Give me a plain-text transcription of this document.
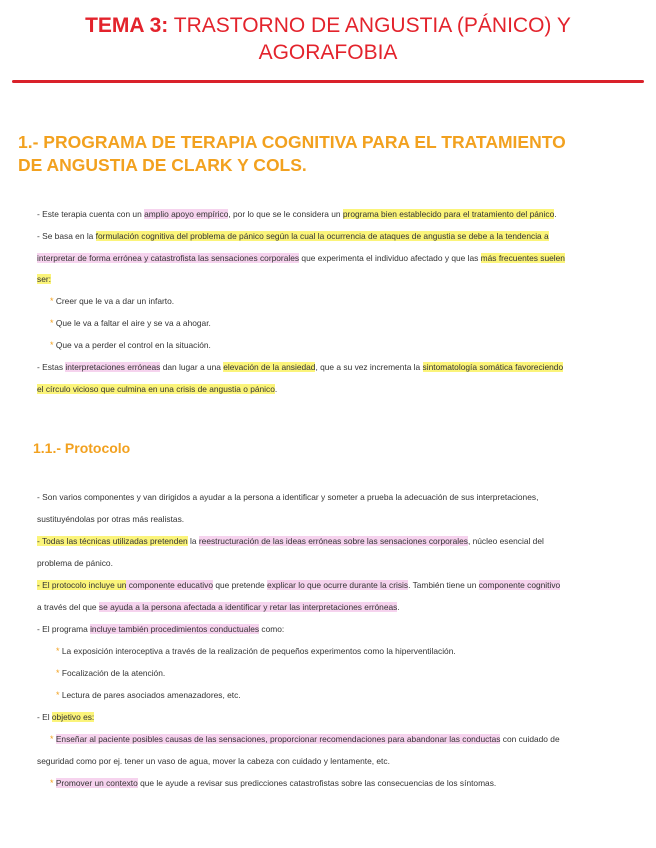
TEMA 3: TRASTORNO DE ANGUSTIA (PÁNICO) Y
AGORAFOBIA
1.- PROGRAMA DE TERAPIA COGNITIVA PARA EL TRATAMIENTO
DE ANGUSTIA DE CLARK Y COLS.
- Este terapia cuenta con un amplio apoyo empírico, por lo que se le considera un programa bien establecido para el tratamiento del pánico.
- Se basa en la formulación cognitiva del problema de pánico según la cual la ocurrencia de ataques de angustia se debe a la tendencia a
interpretar de forma errónea y catastrofista las sensaciones corporales que experimenta el individuo afectado y que las más frecuentes suelen
ser:
* Creer que le va a dar un infarto.
* Que le va a faltar el aire y se va a ahogar.
* Que va a perder el control en la situación.
- Estas interpretaciones erróneas dan lugar a una elevación de la ansiedad, que a su vez incrementa la sintomatología somática favoreciendo
el círculo vicioso que culmina en una crisis de angustia o pánico.
1.1.- Protocolo
- Son varios componentes y van dirigidos a ayudar a la persona a identificar y someter a prueba la adecuación de sus interpretaciones,
sustituyéndolas por otras más realistas.
- Todas las técnicas utilizadas pretenden la reestructuración de las ideas erróneas sobre las sensaciones corporales, núcleo esencial del
problema de pánico.
- El protocolo incluye un componente educativo que pretende explicar lo que ocurre durante la crisis. También tiene un componente cognitivo
a través del que se ayuda a la persona afectada a identificar y retar las interpretaciones erróneas.
- El programa incluye también procedimientos conductuales como:
* La exposición interoceptiva a través de la realización de pequeños experimentos como la hiperventilación.
* Focalización de la atención.
* Lectura de pares asociados amenazadores, etc.
- El objetivo es:
* Enseñar al paciente posibles causas de las sensaciones, proporcionar recomendaciones para abandonar las conductas con cuidado de
seguridad como por ej. tener un vaso de agua, mover la cabeza con cuidado y lentamente, etc.
* Promover un contexto que le ayude a revisar sus predicciones catastrofistas sobre las consecuencias de los síntomas.
